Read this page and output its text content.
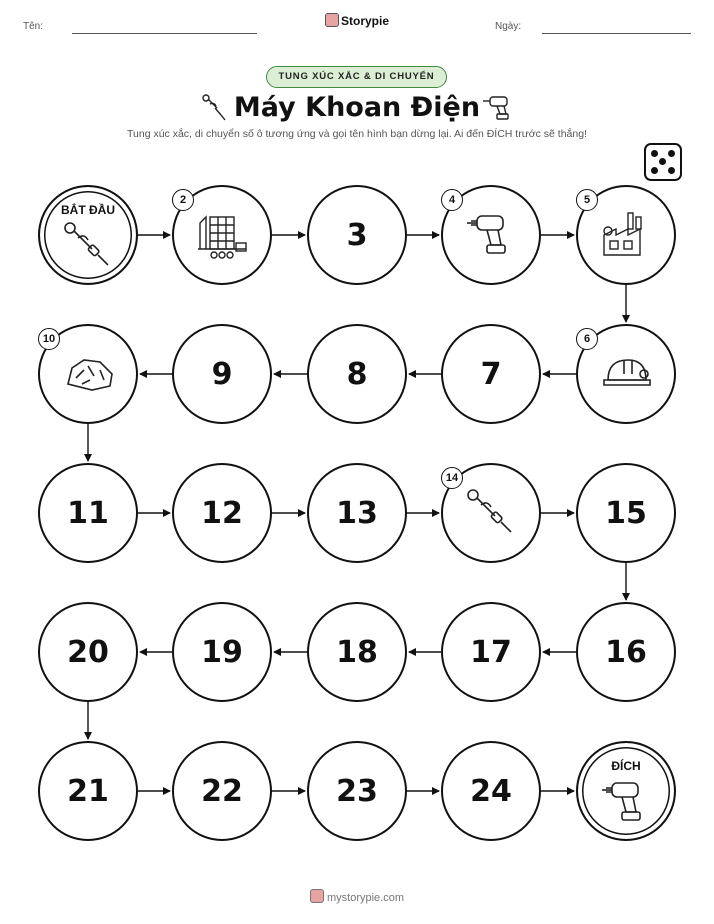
Tên:	Storypie	Ngày:
TUNG XÚC XẮC & DI CHUYỂN
Máy Khoan Điện
Tung xúc xắc, di chuyển số ô tương ứng và gọi tên hình bạn dừng lại. Ai đến ĐÍCH trước sẽ thắng!
BẮT ĐẦU
2
3
4	5
6
7
8
9
10
11	12	13
14
15
16
17
18
19
20
21	22	23	24
ĐÍCH
mystorypie.com
